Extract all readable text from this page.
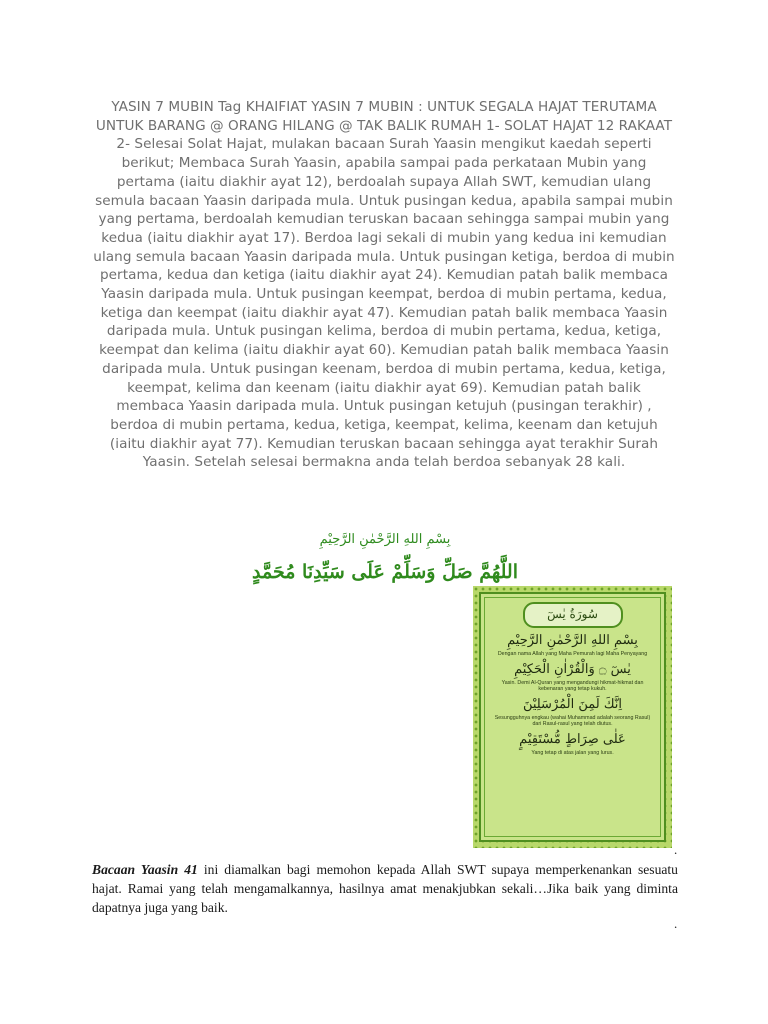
YASIN 7 MUBIN Tag KHAIFIAT YASIN 7 MUBIN : UNTUK SEGALA HAJAT TERUTAMA UNTUK BARANG @ ORANG HILANG @ TAK BALIK RUMAH 1- SOLAT HAJAT 12 RAKAAT 2- Selesai Solat Hajat, mulakan bacaan Surah Yaasin mengikut kaedah seperti berikut; Membaca Surah Yaasin, apabila sampai pada perkataan Mubin yang pertama (iaitu diakhir ayat 12), berdoalah supaya Allah SWT, kemudian ulang semula bacaan Yaasin daripada mula. Untuk pusingan kedua, apabila sampai mubin yang pertama, berdoalah kemudian teruskan bacaan sehingga sampai mubin yang kedua (iaitu diakhir ayat 17). Berdoa lagi sekali di mubin yang kedua ini kemudian ulang semula bacaan Yaasin daripada mula. Untuk pusingan ketiga, berdoa di mubin pertama, kedua dan ketiga (iaitu diakhir ayat 24). Kemudian patah balik membaca Yaasin daripada mula. Untuk pusingan keempat, berdoa di mubin pertama, kedua, ketiga dan keempat (iaitu diakhir ayat 47). Kemudian patah balik membaca Yaasin daripada mula. Untuk pusingan kelima, berdoa di mubin pertama, kedua, ketiga, keempat dan kelima (iaitu diakhir ayat 60). Kemudian patah balik membaca Yaasin daripada mula. Untuk pusingan keenam, berdoa di mubin pertama, kedua, ketiga, keempat, kelima dan keenam (iaitu diakhir ayat 69). Kemudian patah balik membaca Yaasin daripada mula. Untuk pusingan ketujuh (pusingan terakhir) , berdoa di mubin pertama, kedua, ketiga, keempat, kelima, keenam dan ketujuh (iaitu diakhir ayat 77). Kemudian teruskan bacaan sehingga ayat terakhir Surah Yaasin. Setelah selesai bermakna anda telah berdoa sebanyak 28 kali.

بِسْمِ اللهِ الرَّحْمٰنِ الرَّحِيْمِ
اللَّهُمَّ صَلِّ وَسَلِّمْ عَلَى سَيِّدِنَا مُحَمَّدٍ
سُورَةُ يٰسٓ

بِسْمِ اللهِ الرَّحْمٰنِ الرَّحِيْمِ

Dengan nama Allah yang Maha Pemurah lagi Maha Penyayang

يٰسٓ ۝ وَالْقُرْاٰنِ الْحَكِيْمِ

Yasin. Demi Al-Quran yang mengandungi hikmat-hikmat dan kebenaran yang tetap kukuh.

اِنَّكَ لَمِنَ الْمُرْسَلِيْنَ

Sesungguhnya engkau (wahai Muhammad adalah seorang Rasul) dari Rasul-rasul yang telah diutus.

عَلٰى صِرَاطٍ مُّسْتَقِيْمٍ

Yang tetap di atas jalan yang lurus.

.

Bacaan Yaasin 41 ini diamalkan bagi memohon kepada Allah SWT supaya memperkenankan sesuatu hajat. Ramai yang telah mengamalkannya, hasilnya amat menakjubkan sekali…Jika baik yang diminta dapatnya juga yang baik.

.
